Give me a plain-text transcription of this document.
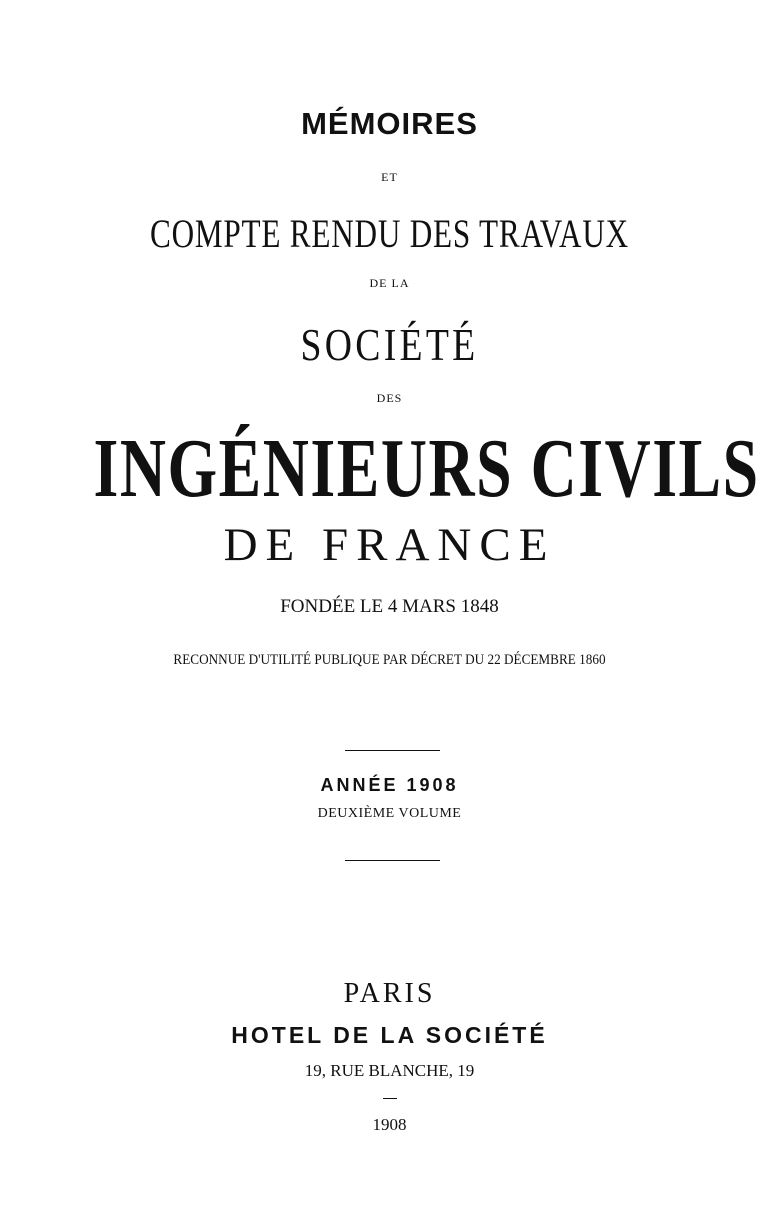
MÉMOIRES

ET

COMPTE RENDU DES TRAVAUX

DE LA

SOCIÉTÉ

DES

INGÉNIEURS CIVILS

DE FRANCE

FONDÉE LE 4 MARS 1848

RECONNUE D'UTILITÉ PUBLIQUE PAR DÉCRET DU 22 DÉCEMBRE 1860

ANNÉE 1908

DEUXIÈME VOLUME

PARIS

HOTEL DE LA SOCIÉTÉ

19, RUE BLANCHE, 19

1908
